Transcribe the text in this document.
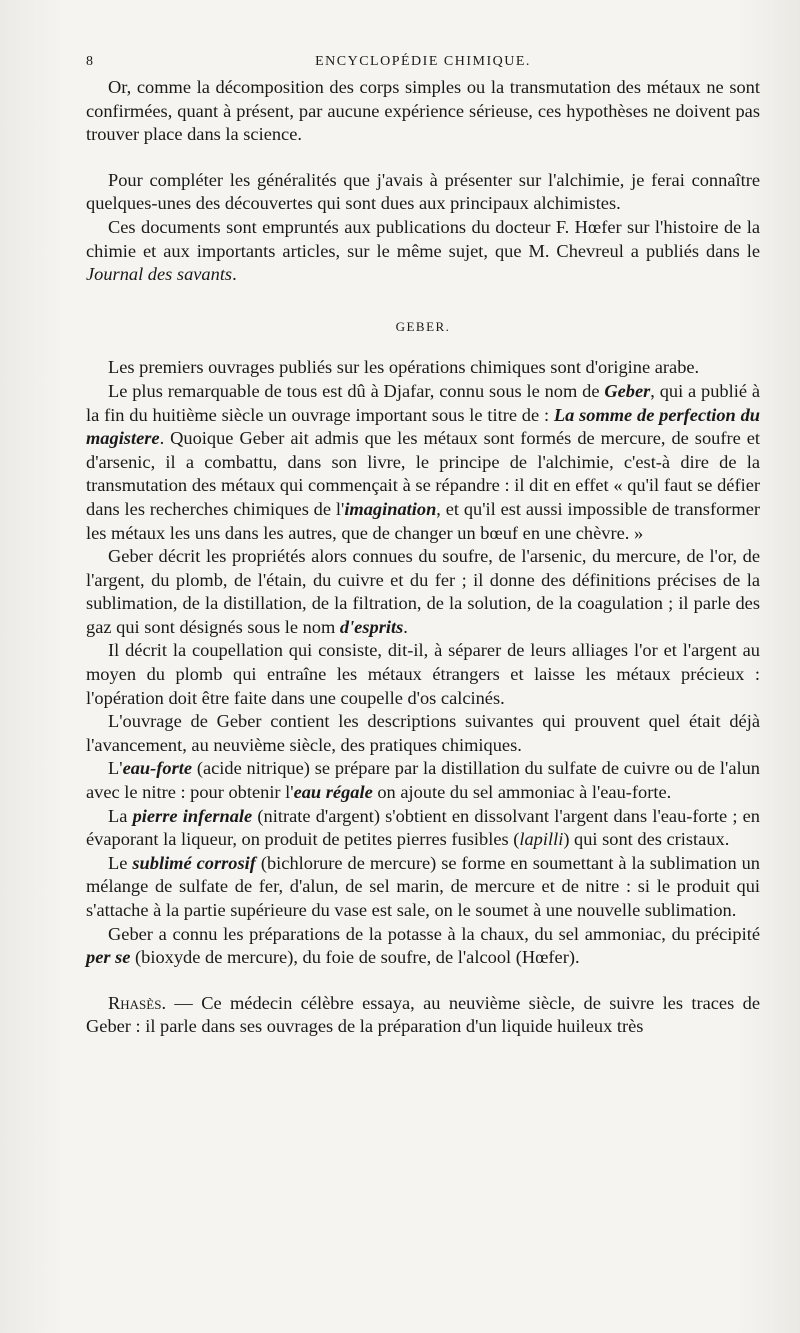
8	ENCYCLOPÉDIE CHIMIQUE.

Or, comme la décomposition des corps simples ou la transmutation des métaux ne sont confirmées, quant à présent, par aucune expérience sérieuse, ces hypothèses ne doivent pas trouver place dans la science.

Pour compléter les généralités que j'avais à présenter sur l'alchimie, je ferai connaître quelques-unes des découvertes qui sont dues aux principaux alchimistes.

Ces documents sont empruntés aux publications du docteur F. Hœfer sur l'histoire de la chimie et aux importants articles, sur le même sujet, que M. Chevreul a publiés dans le Journal des savants.

GEBER.

Les premiers ouvrages publiés sur les opérations chimiques sont d'origine arabe.

Le plus remarquable de tous est dû à Djafar, connu sous le nom de Geber, qui a publié à la fin du huitième siècle un ouvrage important sous le titre de : La somme de perfection du magistere. Quoique Geber ait admis que les métaux sont formés de mercure, de soufre et d'arsenic, il a combattu, dans son livre, le principe de l'alchimie, c'est-à dire de la transmutation des métaux qui commençait à se répandre : il dit en effet « qu'il faut se défier dans les recherches chimiques de l'imagination, et qu'il est aussi impossible de transformer les métaux les uns dans les autres, que de changer un bœuf en une chèvre. »

Geber décrit les propriétés alors connues du soufre, de l'arsenic, du mercure, de l'or, de l'argent, du plomb, de l'étain, du cuivre et du fer ; il donne des définitions précises de la sublimation, de la distillation, de la filtration, de la solution, de la coagulation ; il parle des gaz qui sont désignés sous le nom d'esprits.

Il décrit la coupellation qui consiste, dit-il, à séparer de leurs alliages l'or et l'argent au moyen du plomb qui entraîne les métaux étrangers et laisse les métaux précieux : l'opération doit être faite dans une coupelle d'os calcinés.

L'ouvrage de Geber contient les descriptions suivantes qui prouvent quel était déjà l'avancement, au neuvième siècle, des pratiques chimiques.

L'eau-forte (acide nitrique) se prépare par la distillation du sulfate de cuivre ou de l'alun avec le nitre : pour obtenir l'eau régale on ajoute du sel ammoniac à l'eau-forte.

La pierre infernale (nitrate d'argent) s'obtient en dissolvant l'argent dans l'eau-forte ; en évaporant la liqueur, on produit de petites pierres fusibles (lapilli) qui sont des cristaux.

Le sublimé corrosif (bichlorure de mercure) se forme en soumettant à la sublimation un mélange de sulfate de fer, d'alun, de sel marin, de mercure et de nitre : si le produit qui s'attache à la partie supérieure du vase est sale, on le soumet à une nouvelle sublimation.

Geber a connu les préparations de la potasse à la chaux, du sel ammoniac, du précipité per se (bioxyde de mercure), du foie de soufre, de l'alcool (Hœfer).

Rhasès. — Ce médecin célèbre essaya, au neuvième siècle, de suivre les traces de Geber : il parle dans ses ouvrages de la préparation d'un liquide huileux très
